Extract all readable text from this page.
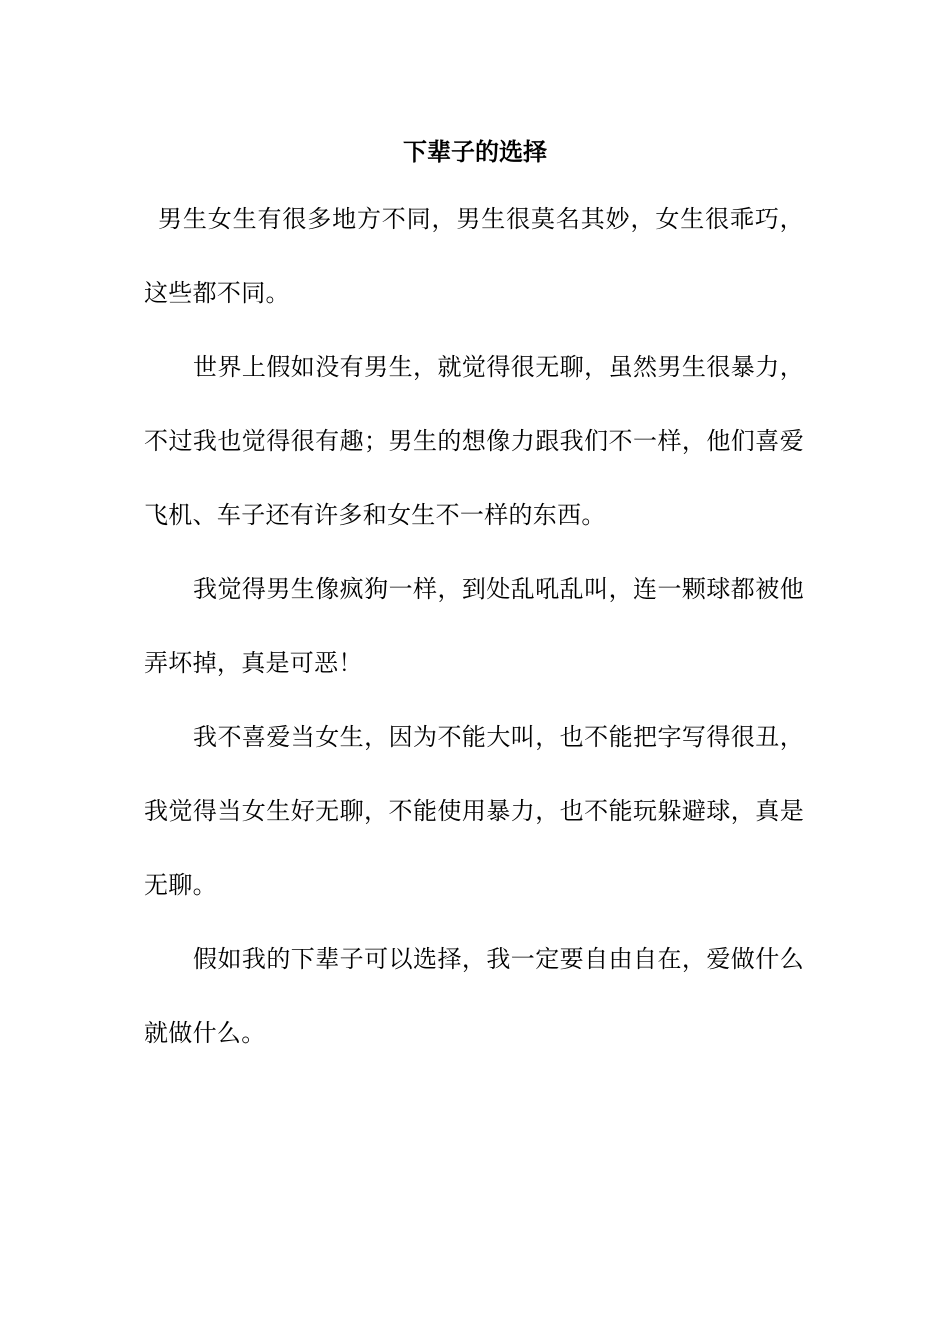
下辈子的选择

男生女生有很多地方不同，男生很莫名其妙，女生很乖巧，这些都不同。

世界上假如没有男生，就觉得很无聊，虽然男生很暴力，不过我也觉得很有趣；男生的想像力跟我们不一样，他们喜爱飞机、车子还有许多和女生不一样的东西。

我觉得男生像疯狗一样，到处乱吼乱叫，连一颗球都被他弄坏掉，真是可恶！

我不喜爱当女生，因为不能大叫，也不能把字写得很丑，我觉得当女生好无聊，不能使用暴力，也不能玩躲避球，真是无聊。

假如我的下辈子可以选择，我一定要自由自在，爱做什么就做什么。
